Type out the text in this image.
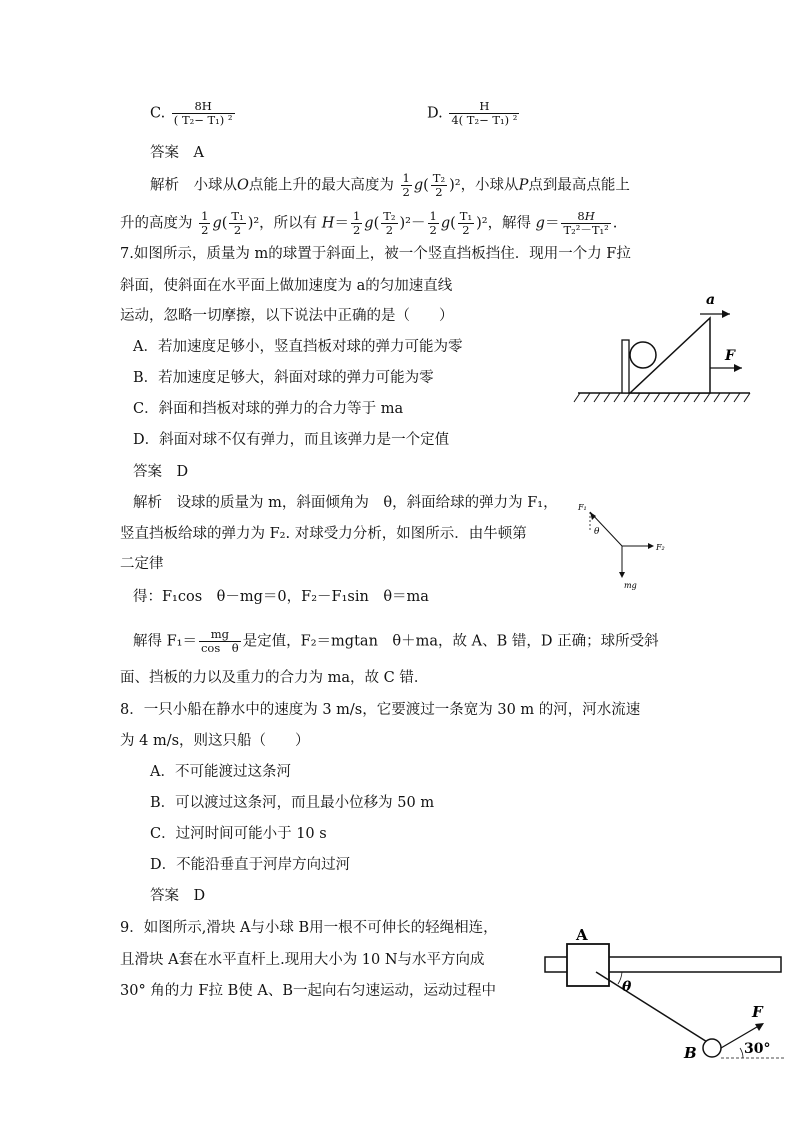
C. $\frac{8H}{\text{( T₂− T₁) ²}}$	D. $\frac{H}{\text{4( T₂− T₁) ²}}$
答案　A
解析　小球从O点能上升的最大高度为 $\frac{1}{2} g( \frac{\text{T₂}}{2} )^2$，小球从P点到最高点能上
升的高度为 $\frac{1}{2} g( \frac{\text{T₁}}{2} )^2$，所以有 $H= \frac{1}{2} g( \frac{\text{T₂}}{2} )^2- \frac{1}{2} g( \frac{\text{T₁}}{2} )^2$，解得 $g= \frac{8H}{\text{T₂²－T₁²}}$ .
7.如图所示，质量为 m的球置于斜面上，被一个竖直挡板挡住．现用一个力 F拉
斜面，使斜面在水平面上做加速度为 a的匀加速直线
运动，忽略一切摩擦，以下说法中正确的是（　　）
A．若加速度足够小，竖直挡板对球的弹力可能为零
B．若加速度足够大，斜面对球的弹力可能为零
C．斜面和挡板对球的弹力的合力等于 ma
D．斜面对球不仅有弹力，而且该弹力是一个定值
答案　D
解析　设球的质量为 m，斜面倾角为　θ，斜面给球的弹力为 F₁，
竖直挡板给球的弹力为 F₂. 对球受力分析，如图所示．由牛顿第
二定律
得：F₁cos　θ－mg＝0，F₂－F₁sin　θ＝ma
解得 $F_1= \frac{mg}{\text{cos　θ}}$ 是定值，F₂＝mgtan　θ＋ma，故 A、B 错，D 正确；球所受斜
面、挡板的力以及重力的合力为 ma，故 C 错．
a
F
F₁
θ
F₂
mg
8．一只小船在静水中的速度为 3 m/s，它要渡过一条宽为 30 m 的河，河水流速
为 4 m/s，则这只船（　　）
A．不可能渡过这条河
B．可以渡过这条河，而且最小位移为 50 m
C．过河时间可能小于 10 s
D．不能沿垂直于河岸方向过河
答案　D
9．如图所示,滑块 A与小球 B用一根不可伸长的轻绳相连，
且滑块 A套在水平直杆上.现用大小为 10 N与水平方向成
30° 角的力 F拉 B使 A、B一起向右匀速运动，运动过程中
A
θ
B
F
30°
